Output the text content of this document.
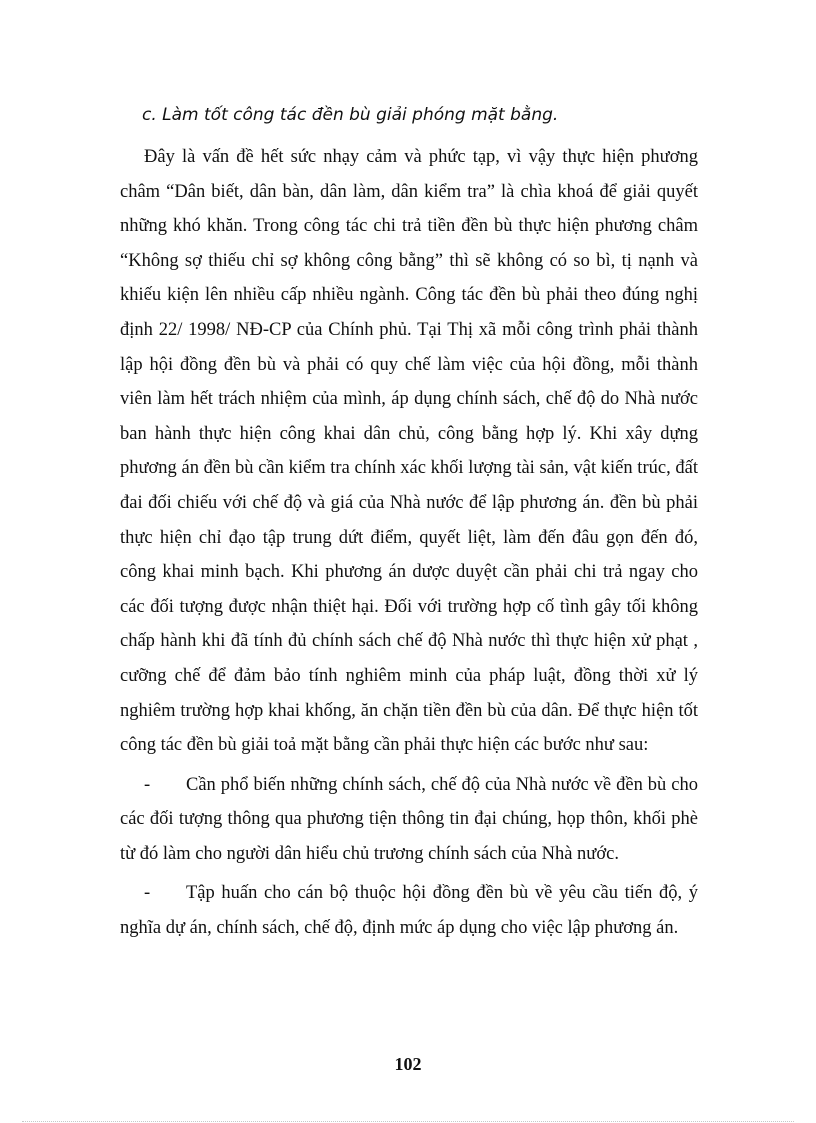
c. Làm tốt công tác đền bù giải phóng mặt bằng.

Đây là vấn đề hết sức nhạy cảm và phức tạp, vì vậy thực hiện phương châm “Dân biết, dân bàn, dân làm, dân kiểm tra” là chìa khoá để giải quyết những khó khăn. Trong công tác chi trả tiền đền bù thực hiện phương châm “Không sợ thiếu chỉ sợ không công bằng” thì sẽ không có so bì, tị nạnh và khiếu kiện lên nhiều cấp nhiều ngành. Công tác đền bù phải theo đúng nghị định 22/ 1998/ NĐ-CP của Chính phủ. Tại Thị xã mỗi công trình phải thành lập hội đồng đền bù và phải có quy chế làm việc của hội đồng, mỗi thành viên làm hết trách nhiệm của mình, áp dụng chính sách, chế độ do Nhà nước ban hành thực hiện công khai dân chủ, công bằng hợp lý. Khi xây dựng phương án đền bù cần kiểm tra chính xác khối lượng tài sản, vật kiến trúc, đất đai đối chiếu với chế độ và giá của Nhà nước để lập phương án. đền bù phải thực hiện chỉ đạo tập trung dứt điểm, quyết liệt, làm đến đâu gọn đến đó, công khai minh bạch. Khi phương án dược duyệt cần phải chi trả ngay cho các đối tượng được nhận thiệt hại. Đối với trường hợp cố tình gây tối không chấp hành khi đã tính đủ chính sách chế độ Nhà nước thì thực hiện xử phạt , cưỡng chế để đảm bảo tính nghiêm minh của pháp luật, đồng thời xử lý nghiêm trường hợp khai khống, ăn chặn tiền đền bù của dân. Để thực hiện tốt công tác đền bù giải toả mặt bằng cần phải thực hiện các bước như sau:

- Cần phổ biến những chính sách, chế độ của Nhà nước về đền bù cho các đối tượng thông qua phương tiện thông tin đại chúng, họp thôn, khối phè từ đó làm cho người dân hiểu chủ trương chính sách của Nhà nước.

- Tập huấn cho cán bộ thuộc hội đồng đền bù về yêu cầu tiến độ, ý nghĩa dự án, chính sách, chế độ, định mức áp dụng cho việc lập phương án.

102
